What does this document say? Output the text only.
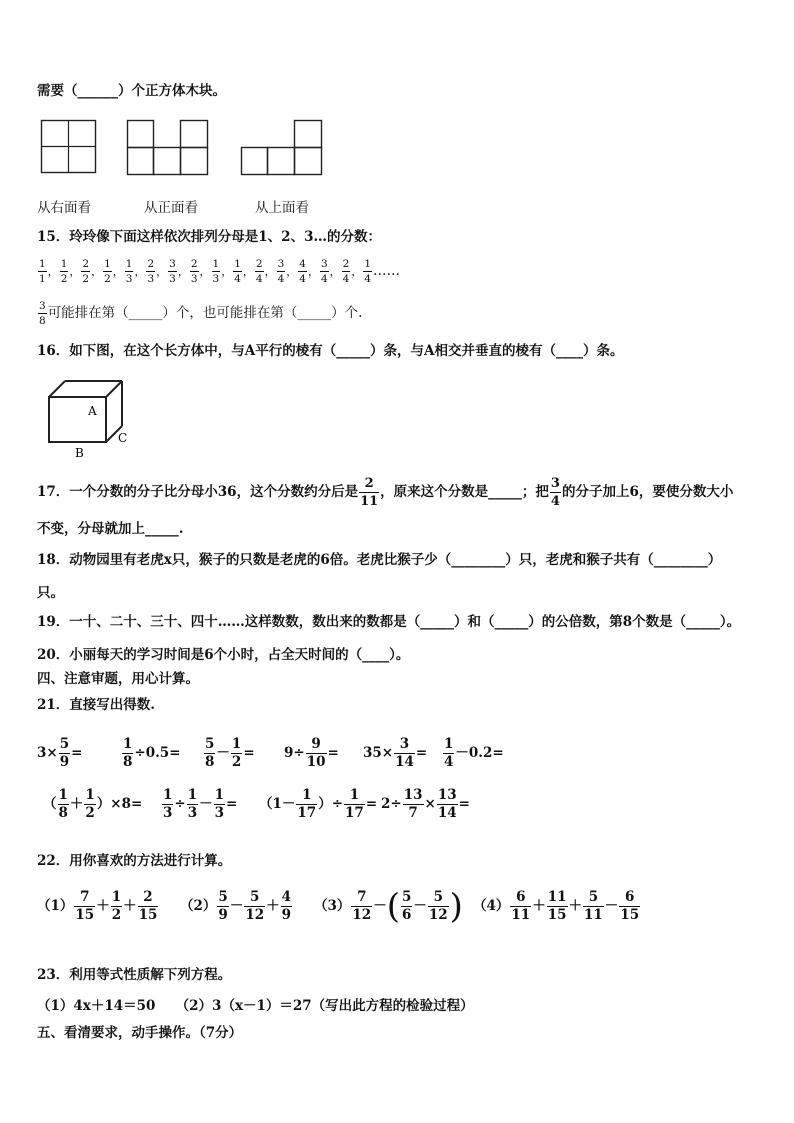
需要（______）个正方体木块。
从右面看	从正面看	从上面看
15．玲玲像下面这样依次排列分母是1、2、3…的分数：
$\frac{1}{1}$ ， $\frac{1}{2}$ ， $\frac{2}{2}$ ， $\frac{1}{2}$ ， $\frac{1}{3}$ ， $\frac{2}{3}$ ， $\frac{3}{3}$ ， $\frac{2}{3}$ ， $\frac{1}{3}$ ， $\frac{1}{4}$ ， $\frac{2}{4}$ ， $\frac{3}{4}$ ， $\frac{4}{4}$ ， $\frac{3}{4}$ ， $\frac{2}{4}$ ， $\frac{1}{4}$ ……
$\frac{3}{8}$ 可能排在第（_____）个，也可能排在第（_____）个.
16．如下图，在这个长方体中，与A平行的棱有（_____）条，与A相交并垂直的棱有（____）条。
A
B
C
17．一个分数的分子比分母小36，这个分数约分后是 $\frac{2}{11}$ ，原来这个分数是_____；把 $\frac{3}{4}$ 的分子加上6，要使分数大小
不变，分母就加上_____.
18．动物园里有老虎x只，猴子的只数是老虎的6倍。老虎比猴子少（________）只，老虎和猴子共有（________）
只。
19．一十、二十、三十、四十……这样数数，数出来的数都是（_____）和（_____）的公倍数，第8个数是（_____）。
20．小丽每天的学习时间是6个小时，占全天时间的（____）。
四、注意审题，用心计算。
21．直接写出得数.
$3\times \frac{5}{9}$ =	$\frac{1}{8} \div 0.5= \frac{5}{8} - \frac{1}{2} = 9\div \frac{9}{10} = 35\times \frac{3}{14} = \frac{1}{4} -0.2=$
（ $\frac{1}{8} + \frac{1}{2} )\times 8= \frac{1}{3} \div \frac{1}{3} - \frac{1}{3} = (1- \frac{1}{17}$ ）÷ $\frac{1}{17} = 2\div \frac{13}{7} \times \frac{13}{14}$ =
22．用你喜欢的方法进行计算。
$(1) \frac{7}{15} + \frac{1}{2} + \frac{2}{15} (2) \frac{5}{9} - \frac{5}{12} + \frac{4}{9} (3) \frac{7}{12}$ －( $\frac{5}{6} - \frac{5}{12}$ ) $(4) \frac{6}{11} + \frac{11}{15} + \frac{5}{11} - \frac{6}{15}$
23．利用等式性质解下列方程。
（1）4x＋14＝50　　（2）3（x－1）＝27（写出此方程的检验过程）
五、看清要求，动手操作。（7分）
